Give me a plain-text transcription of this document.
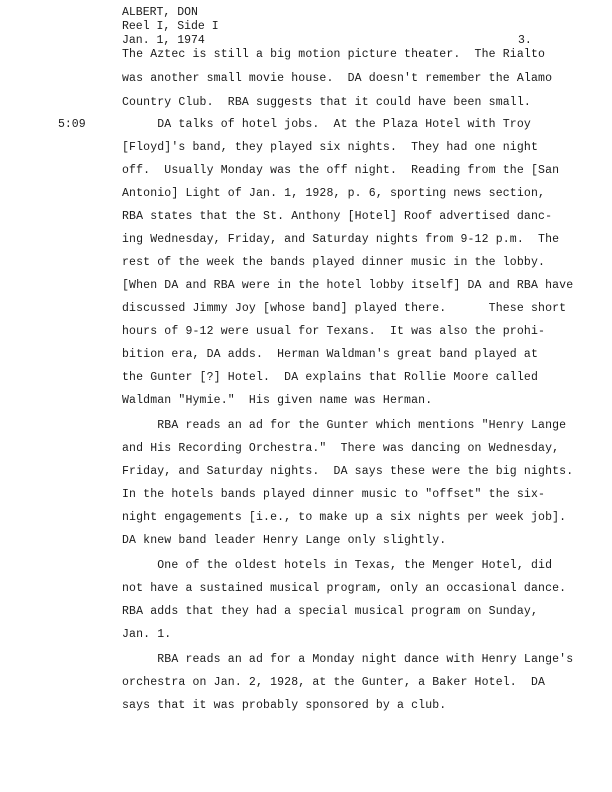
ALBERT, DON
Reel I, Side I
Jan. 1, 1974	3.
5:09
The Aztec is still a big motion picture theater.  The Rialto
was another small movie house.  DA doesn't remember the Alamo
Country Club.  RBA suggests that it could have been small.
DA talks of hotel jobs.  At the Plaza Hotel with Troy
[Floyd]'s band, they played six nights.  They had one night
off.  Usually Monday was the off night.  Reading from the [San
Antonio] Light of Jan. 1, 1928, p. 6, sporting news section,
RBA states that the St. Anthony [Hotel] Roof advertised danc-
ing Wednesday, Friday, and Saturday nights from 9-12 p.m.  The
rest of the week the bands played dinner music in the lobby.
[When DA and RBA were in the hotel lobby itself] DA and RBA have
discussed Jimmy Joy [whose band] played there.      These short
hours of 9-12 were usual for Texans.  It was also the prohi-
bition era, DA adds.  Herman Waldman's great band played at
the Gunter [?] Hotel.  DA explains that Rollie Moore called
Waldman "Hymie."  His given name was Herman.
RBA reads an ad for the Gunter which mentions "Henry Lange
and His Recording Orchestra."  There was dancing on Wednesday,
Friday, and Saturday nights.  DA says these were the big nights.
In the hotels bands played dinner music to "offset" the six-
night engagements [i.e., to make up a six nights per week job].
DA knew band leader Henry Lange only slightly.
One of the oldest hotels in Texas, the Menger Hotel, did
not have a sustained musical program, only an occasional dance.
RBA adds that they had a special musical program on Sunday,
Jan. 1.
RBA reads an ad for a Monday night dance with Henry Lange's
orchestra on Jan. 2, 1928, at the Gunter, a Baker Hotel.  DA
says that it was probably sponsored by a club.
